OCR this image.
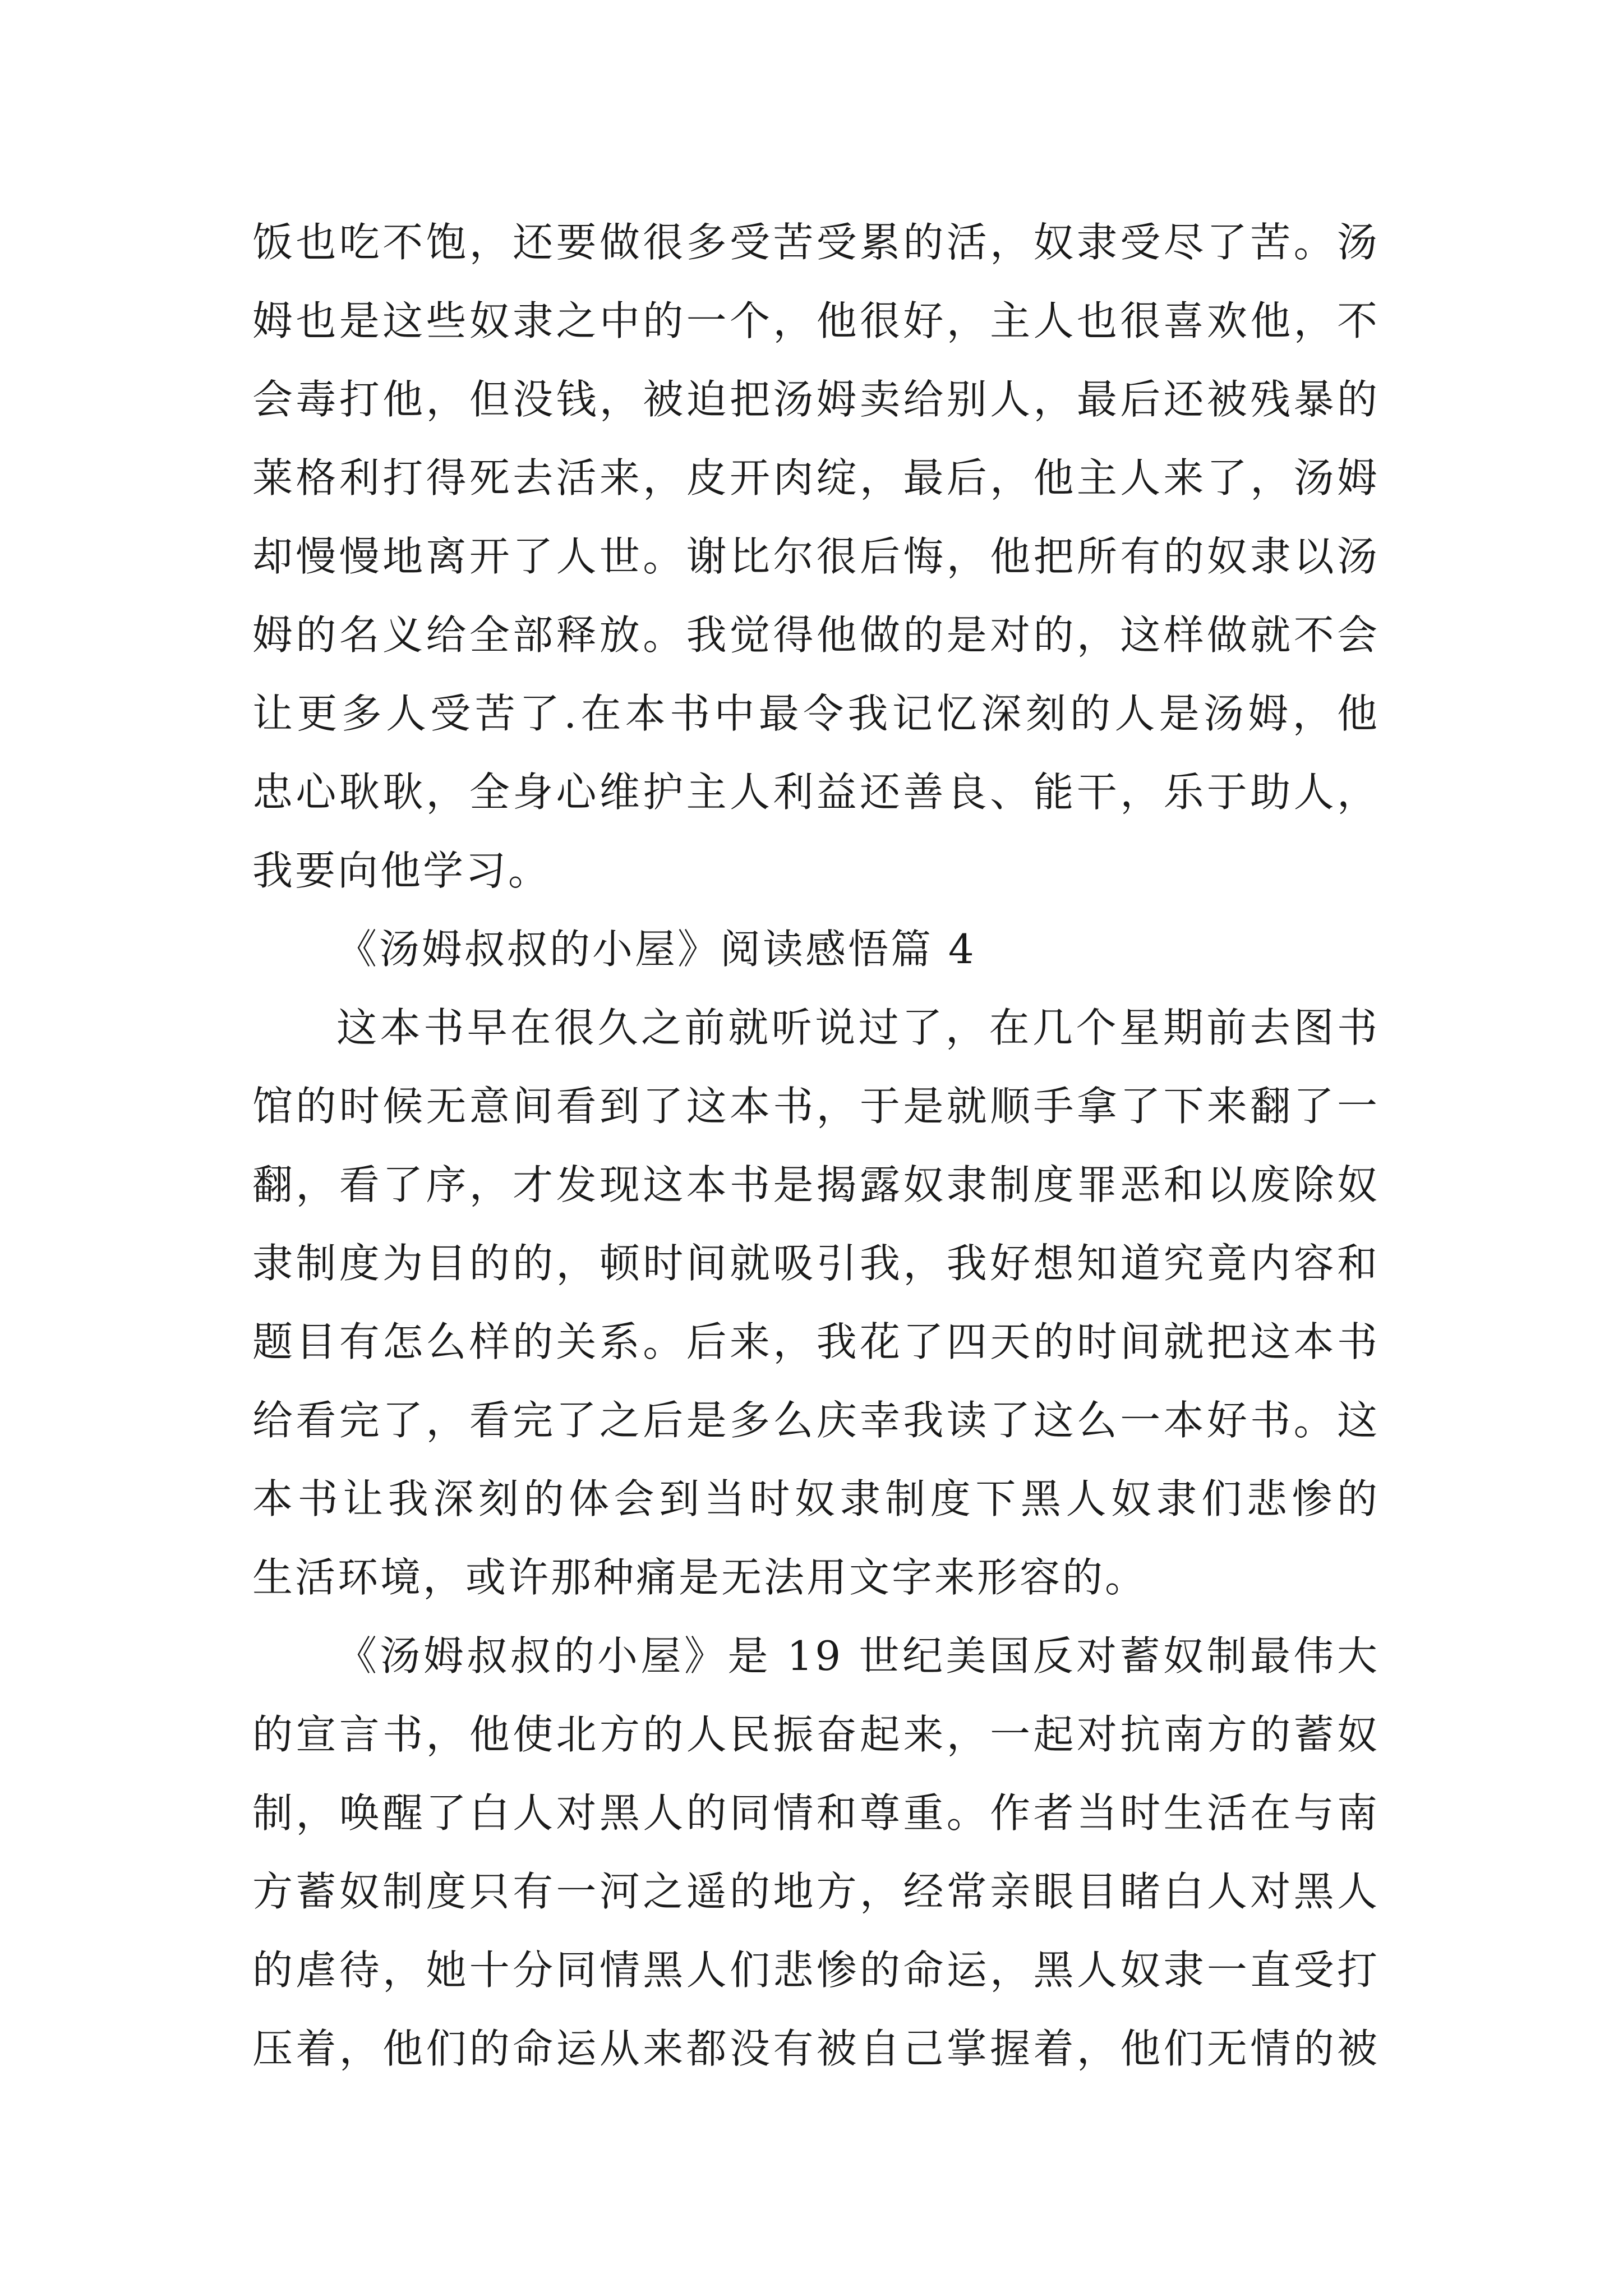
饭也吃不饱，还要做很多受苦受累的活，奴隶受尽了苦。汤
姆也是这些奴隶之中的一个，他很好，主人也很喜欢他，不
会毒打他，但没钱，被迫把汤姆卖给别人，最后还被残暴的
莱格利打得死去活来，皮开肉绽，最后，他主人来了，汤姆
却慢慢地离开了人世。谢比尔很后悔，他把所有的奴隶以汤
姆的名义给全部释放。我觉得他做的是对的，这样做就不会
让更多人受苦了.在本书中最令我记忆深刻的人是汤姆，他
忠心耿耿，全身心维护主人利益还善良、能干，乐于助人，
我要向他学习。
《汤姆叔叔的小屋》阅读感悟篇 4
这本书早在很久之前就听说过了，在几个星期前去图书
馆的时候无意间看到了这本书，于是就顺手拿了下来翻了一
翻，看了序，才发现这本书是揭露奴隶制度罪恶和以废除奴
隶制度为目的的，顿时间就吸引我，我好想知道究竟内容和
题目有怎么样的关系。后来，我花了四天的时间就把这本书
给看完了，看完了之后是多么庆幸我读了这么一本好书。这
本书让我深刻的体会到当时奴隶制度下黑人奴隶们悲惨的
生活环境，或许那种痛是无法用文字来形容的。
《汤姆叔叔的小屋》是 19 世纪美国反对蓄奴制最伟大
的宣言书，他使北方的人民振奋起来，一起对抗南方的蓄奴
制，唤醒了白人对黑人的同情和尊重。作者当时生活在与南
方蓄奴制度只有一河之遥的地方，经常亲眼目睹白人对黑人
的虐待，她十分同情黑人们悲惨的命运，黑人奴隶一直受打
压着，他们的命运从来都没有被自己掌握着，他们无情的被
